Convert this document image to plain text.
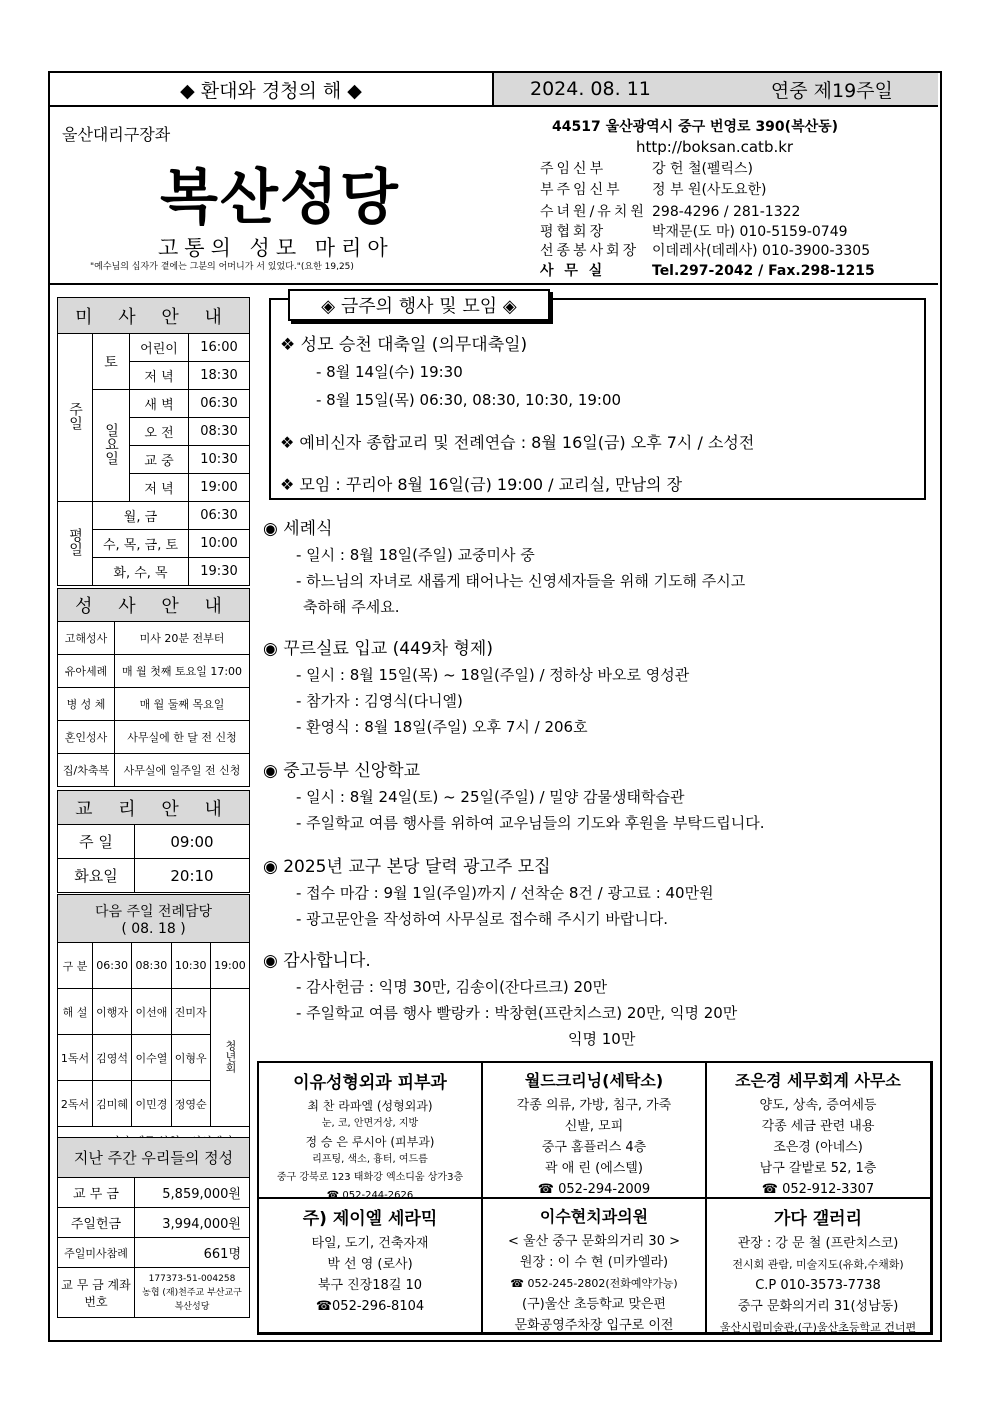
◆ 환대와 경청의 해 ◆	2024. 08. 11	연중 제19주일
울산대리구장좌
복산성당
고통의 성모 마리아
"예수님의 십자가 곁에는 그분의 어머니가 서 있었다."(요한 19,25)
44517 울산광역시 중구 번영로 390(복산동)
http://boksan.catb.kr
주임신부	강 헌 철(펠릭스)
부주임신부 정 부 원(사도요한)
수녀원/유치원 298-4296 / 281-1322
평협회장	박재문(도 마) 010-5159-0749
선종봉사회장 이데레사(데레사) 010-3900-3305
사 무 실	Tel.297-2042 / Fax.298-1215
미 사 안 내			
주일	토	어린이	16:00
		저 녁	18:30
	일요일	새 벽	06:30
		오 전	08:30
		교 중	10:30
		저 녁	19:00
평일	월, 금		06:30
	수, 목, 금, 토		10:00
	화, 수, 목		19:30
성 사 안 내	
고해성사	미사 20분 전부터
유아세례	매 월 첫째 토요일 17:00
병 성 체	매 월 둘째 목요일
혼인성사	사무실에 한 달 전 신청
집/차축복	사무실에 일주일 전 신청
교 리 안 내	
주 일	09:00
화요일	20:10
다음 주일 전례담당
( 08. 18 )				

구 분	06:30	08:30	10:30	19:00
해 설	이행자	이선애	진미자	청년회
1독서	김영석	이수열	이형우	
2독서	김미혜	이민경	정영순	

지난 주간 우리들의 정성	
교 무 금	5,859,000원
주일헌금	3,994,000원
주일미사참례	661명
교 무 금 계좌번호	177373-51-004258
농협 (재)천주교 부산교구
복산성당
◈ 금주의 행사 및 모임 ◈
❖ 성모 승천 대축일 (의무대축일)
- 8월 14일(수) 19:30
- 8월 15일(목) 06:30, 08:30, 10:30, 19:00
❖ 예비신자 종합교리 및 전례연습 : 8월 16일(금) 오후 7시 / 소성전
❖ 모임 : 꾸리아 8월 16일(금) 19:00 / 교리실, 만남의 장
◉ 세례식
- 일시 : 8월 18일(주일) 교중미사 중
- 하느님의 자녀로 새롭게 태어나는 신영세자들을 위해 기도해 주시고
축하해 주세요.
◉ 꾸르실료 입교 (449차 형제)
- 일시 : 8월 15일(목) ~ 18일(주일) / 정하상 바오로 영성관
- 참가자 : 김영식(다니엘)
- 환영식 : 8월 18일(주일) 오후 7시 / 206호
◉ 중고등부 신앙학교
- 일시 : 8월 24일(토) ~ 25일(주일) / 밀양 감물생태학습관
- 주일학교 여름 행사를 위하여 교우님들의 기도와 후원을 부탁드립니다.
◉ 2025년 교구 본당 달력 광고주 모집
- 접수 마감 : 9월 1일(주일)까지 / 선착순 8건 / 광고료 : 40만원
- 광고문안을 작성하여 사무실로 접수해 주시기 바랍니다.
◉ 감사합니다.
- 감사헌금 : 익명 30만, 김송이(잔다르크) 20만
- 주일학교 여름 행사 빨랑카 : 박창현(프란치스코) 20만, 익명 20만
익명 10만
이유성형외과 피부과
최 찬 라파엘 (성형외과)
눈, 코, 안면거상, 지방
정 승 은 루시아 (피부과)
리프팅, 색소, 흉터, 여드름
중구 강북로 123 태화강 엑소디움 상가3층
☎ 052-244-2626
월드크리닝(세탁소)
각종 의류, 가방, 침구, 가죽
신발, 모피
중구 홈플러스 4층
곽 애 린 (에스텔)
☎ 052-294-2009
조은경 세무회계 사무소
양도, 상속, 증여세등
각종 세금 관련 내용
조은경 (아네스)
남구 갈밭로 52, 1층
☎ 052-912-3307
주) 제이엘 세라믹
타일, 도기, 건축자재
박 선 영 (로사)
북구 진장18길 10
☎052-296-8104
이수현치과의원
< 울산 중구 문화의거리 30 >
원장 : 이 수 현 (미카엘라)
☎ 052-245-2802(전화예약가능)
(구)울산 초등학교 맞은편
문화공영주차장 입구로 이전
가다 갤러리
관장 : 강 문 철 (프란치스코)
전시회 관람, 미술지도(유화,수채화)
C.P 010-3573-7738
중구 문화의거리 31(성남동)
울산시립미술관,(구)울산초등학교 건너편
